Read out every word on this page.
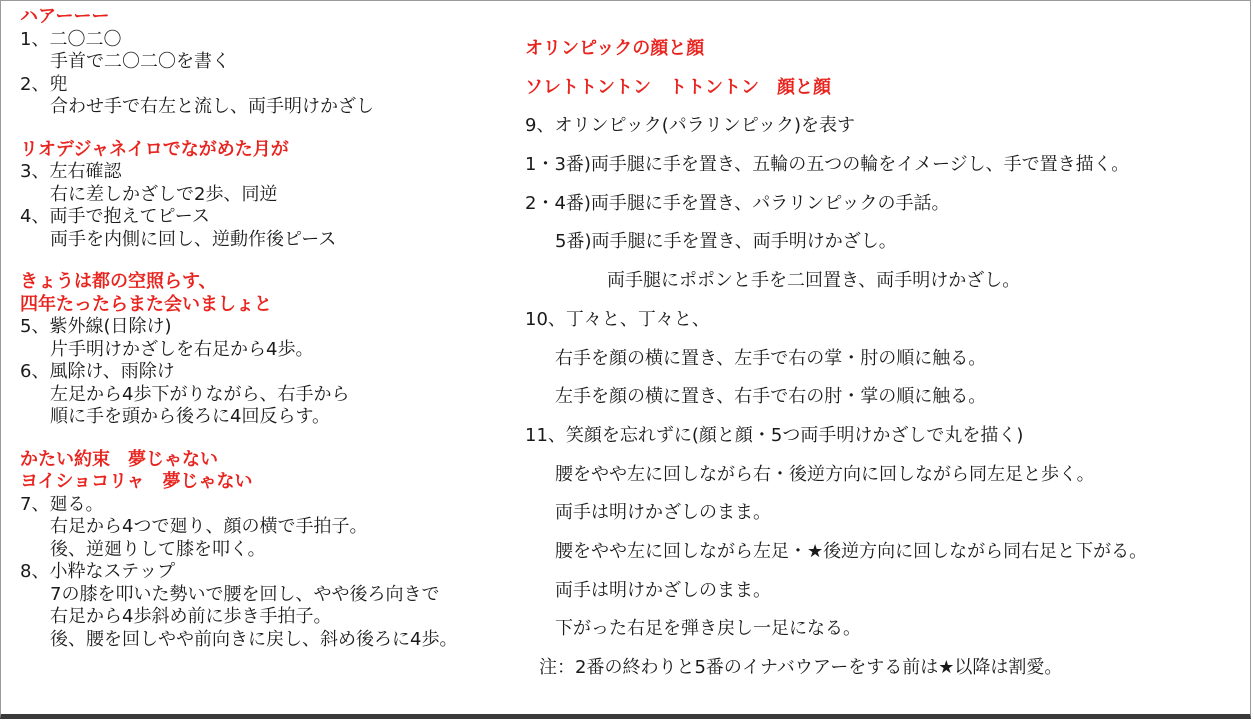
ハアーーー
1、二〇二〇
手首で二〇二〇を書く
2、兜
合わせ手で右左と流し、両手明けかざし
リオデジャネイロでながめた月が
3、左右確認
右に差しかざしで2歩、同逆
4、両手で抱えてピース
両手を内側に回し、逆動作後ピース
きょうは都の空照らす、
四年たったらまた会いましょと
5、紫外線(日除け)
片手明けかざしを右足から4歩。
6、風除け、雨除け
左足から4歩下がりながら、右手から
順に手を頭から後ろに4回反らす。
かたい約束　夢じゃない
ヨイショコリャ　夢じゃない
7、廻る。
右足から4つで廻り、顔の横で手拍子。
後、逆廻りして膝を叩く。
8、小粋なステップ
7の膝を叩いた勢いで腰を回し、やや後ろ向きで
右足から4歩斜め前に歩き手拍子。
後、腰を回しやや前向きに戻し、斜め後ろに4歩。
オリンピックの顔と顔
ソレトトントン　トトントン　顔と顔
9、オリンピック(パラリンピック)を表す
1・3番)両手腿に手を置き、五輪の五つの輪をイメージし、手で置き描く。
2・4番)両手腿に手を置き、パラリンピックの手話。
5番)両手腿に手を置き、両手明けかざし。
両手腿にポポンと手を二回置き、両手明けかざし。
10、丁々と、丁々と、
右手を顔の横に置き、左手で右の掌・肘の順に触る。
左手を顔の横に置き、右手で右の肘・掌の順に触る。
11、笑顔を忘れずに(顔と顔・5つ両手明けかざしで丸を描く)
腰をやや左に回しながら右・後逆方向に回しながら同左足と歩く。
両手は明けかざしのまま。
腰をやや左に回しながら左足・★後逆方向に回しながら同右足と下がる。
両手は明けかざしのまま。
下がった右足を弾き戻し一足になる。
注：2番の終わりと5番のイナバウアーをする前は★以降は割愛。
